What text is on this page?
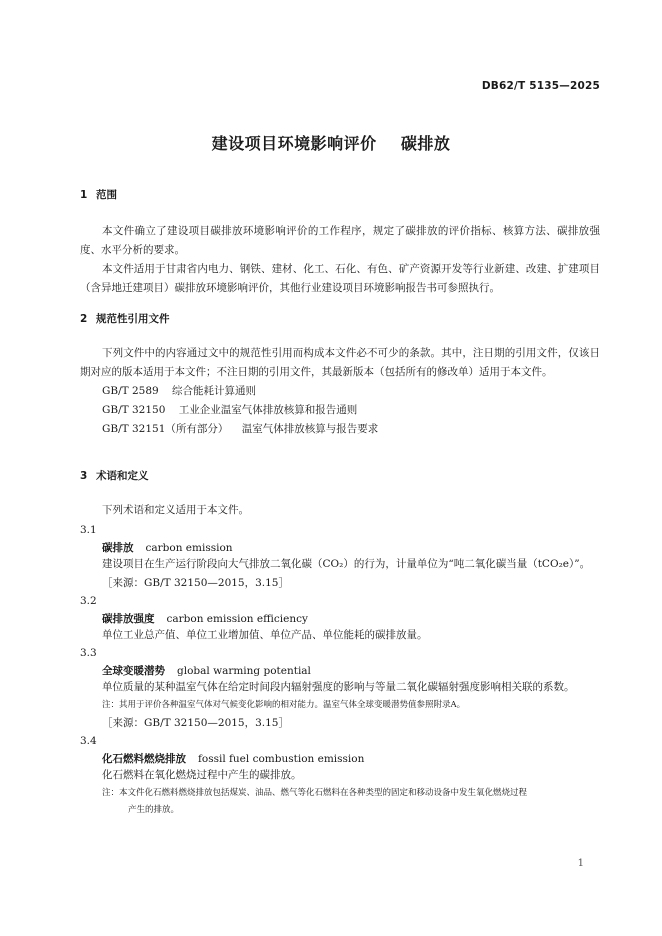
DB62/T 5135—2025
建设项目环境影响评价    碳排放
1 范围

本文件确立了建设项目碳排放环境影响评价的工作程序，规定了碳排放的评价指标、核算方法、碳排放强度、水平分析的要求。

本文件适用于甘肃省内电力、钢铁、建材、化工、石化、有色、矿产资源开发等行业新建、改建、扩建项目（含异地迁建项目）碳排放环境影响评价，其他行业建设项目环境影响报告书可参照执行。

2 规范性引用文件

下列文件中的内容通过文中的规范性引用而构成本文件必不可少的条款。其中，注日期的引用文件，仅该日期对应的版本适用于本文件；不注日期的引用文件，其最新版本（包括所有的修改单）适用于本文件。

GB/T 2589    综合能耗计算通则
GB/T 32150    工业企业温室气体排放核算和报告通则
GB/T 32151（所有部分）    温室气体排放核算与报告要求
3 术语和定义

下列术语和定义适用于本文件。

3.1
碳排放 carbon emission

建设项目在生产运行阶段向大气排放二氧化碳（CO₂）的行为，计量单位为“吨二氧化碳当量（tCO₂e）”。

［来源：GB/T 32150—2015，3.15］

3.2
碳排放强度 carbon emission efficiency

单位工业总产值、单位工业增加值、单位产品、单位能耗的碳排放量。

3.3
全球变暖潜势 global warming potential

单位质量的某种温室气体在给定时间段内辐射强度的影响与等量二氧化碳辐射强度影响相关联的系数。

注：其用于评价各种温室气体对气候变化影响的相对能力。温室气体全球变暖潜势值参照附录A。

［来源：GB/T 32150—2015，3.15］

3.4
化石燃料燃烧排放 fossil fuel combustion emission

化石燃料在氧化燃烧过程中产生的碳排放。

注：本文件化石燃料燃烧排放包括煤炭、油品、燃气等化石燃料在各种类型的固定和移动设备中发生氧化燃烧过程
产生的排放。
1
